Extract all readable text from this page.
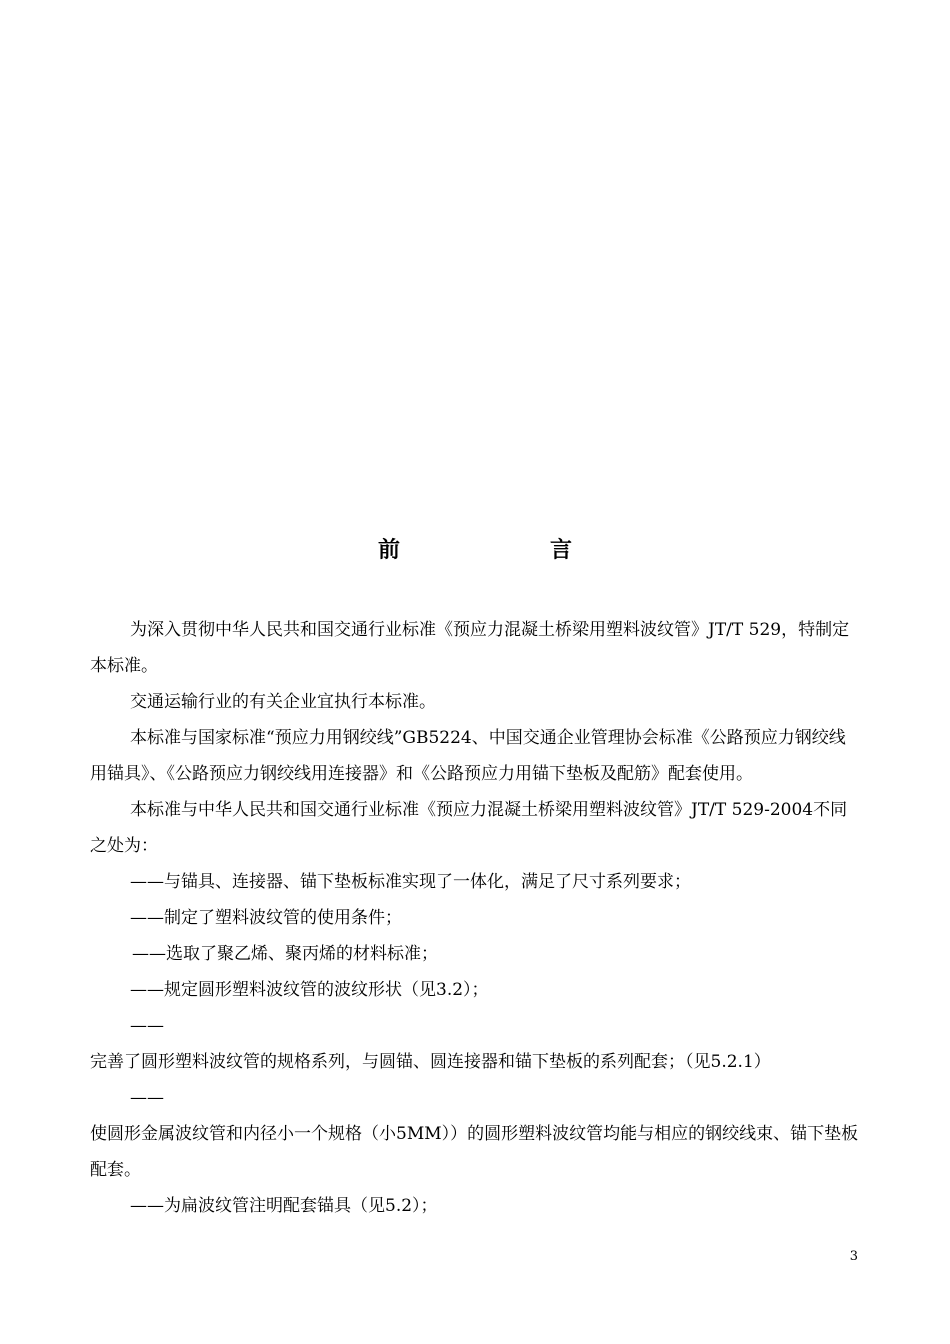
前　言

为深入贯彻中华人民共和国交通行业标准《预应力混凝土桥梁用塑料波纹管》JT/T 529，特制定本标准。

交通运输行业的有关企业宜执行本标准。

本标准与国家标准“预应力用钢绞线”GB5224、中国交通企业管理协会标准《公路预应力钢绞线用锚具》、《公路预应力钢绞线用连接器》和《公路预应力用锚下垫板及配筋》配套使用。

本标准与中华人民共和国交通行业标准《预应力混凝土桥梁用塑料波纹管》JT/T 529-2004不同之处为：

——与锚具、连接器、锚下垫板标准实现了一体化，满足了尺寸系列要求；

——制定了塑料波纹管的使用条件；

——选取了聚乙烯、聚丙烯的材料标准；

——规定圆形塑料波纹管的波纹形状（见3.2）；

——

完善了圆形塑料波纹管的规格系列，与圆锚、圆连接器和锚下垫板的系列配套；（见5.2.1）

——

使圆形金属波纹管和内径小一个规格（小5MM））的圆形塑料波纹管均能与相应的钢绞线束、锚下垫板配套。

——为扁波纹管注明配套锚具（见5.2）；

3
